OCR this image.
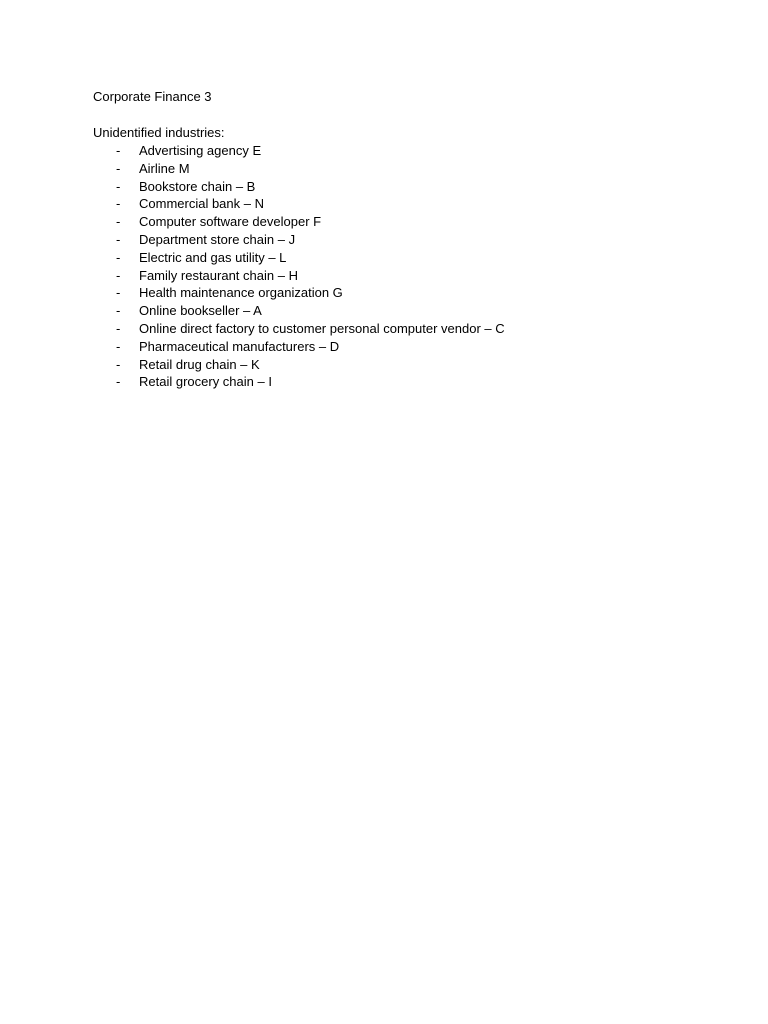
Corporate Finance 3
Unidentified industries:
- Advertising agency E
- Airline M
- Bookstore chain – B
- Commercial bank – N
- Computer software developer F
- Department store chain – J
- Electric and gas utility – L
- Family restaurant chain – H
- Health maintenance organization G
- Online bookseller – A
- Online direct factory to customer personal computer vendor – C
- Pharmaceutical manufacturers – D
- Retail drug chain – K
- Retail grocery chain – I
